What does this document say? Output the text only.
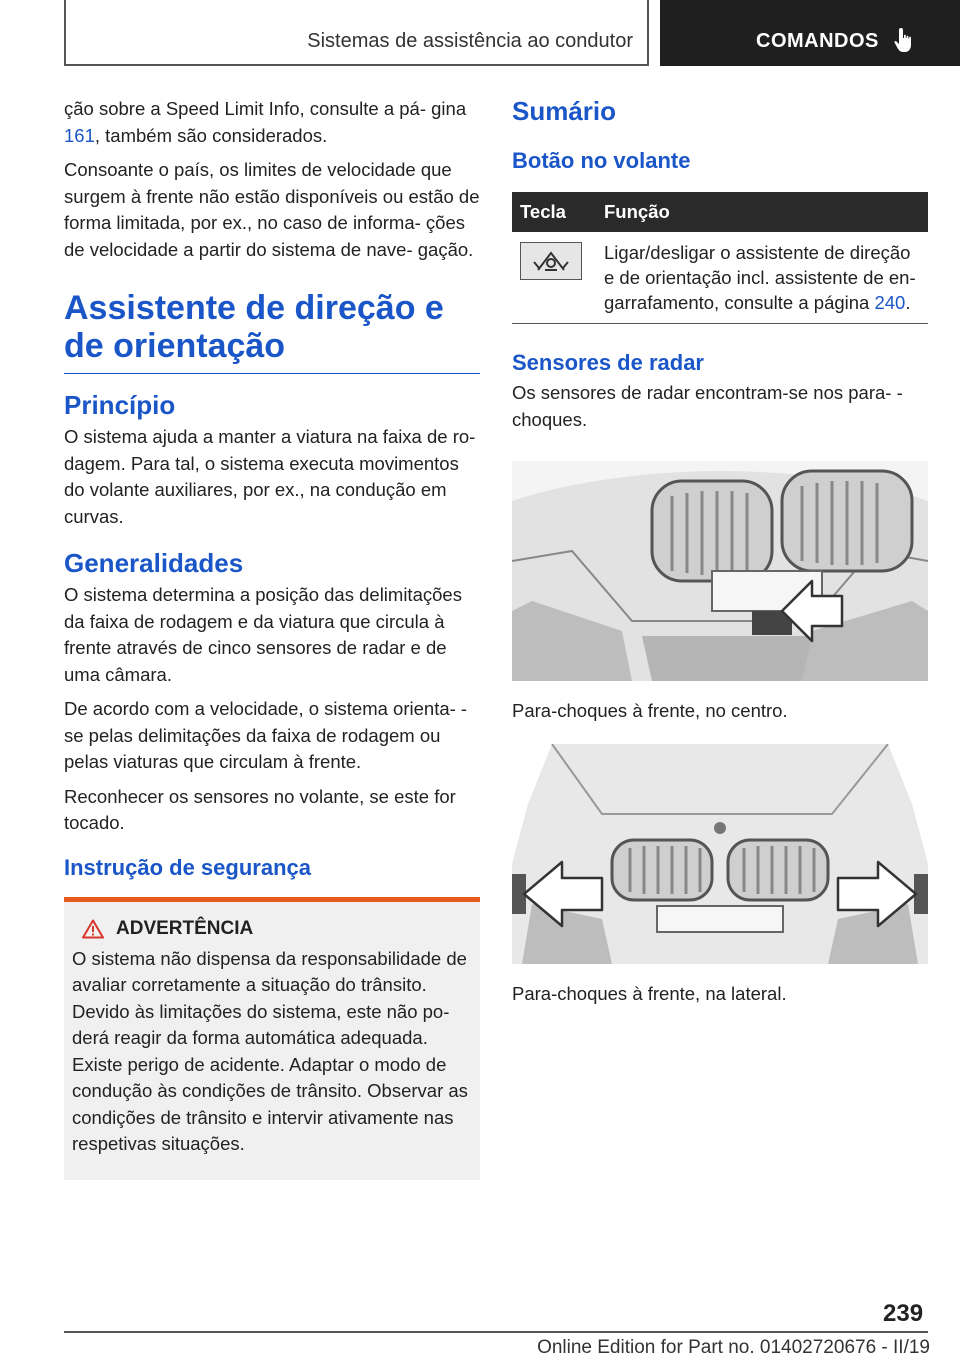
Sistemas de assistência ao condutor	COMANDOS

ção sobre a Speed Limit Info, consulte a pá‐ gina 161, também são considerados.

Consoante o país, os limites de velocidade que surgem à frente não estão disponíveis ou estão de forma limitada, por ex., no caso de informa‐ ções de velocidade a partir do sistema de nave‐ gação.

Assistente de direção e de orientação
Princípio

O sistema ajuda a manter a viatura na faixa de ro‐ dagem. Para tal, o sistema executa movimentos do volante auxiliares, por ex., na condução em curvas.

Generalidades

O sistema determina a posição das delimitações da faixa de rodagem e da viatura que circula à frente através de cinco sensores de radar e de uma câmara.

De acordo com a velocidade, o sistema orienta‐ -se pelas delimitações da faixa de rodagem ou pelas viaturas que circulam à frente.

Reconhecer os sensores no volante, se este for tocado.

Instrução de segurança
ADVERTÊNCIA

O sistema não dispensa da responsabilidade de avaliar corretamente a situação do trânsito. Devido às limitações do sistema, este não po‐ derá reagir da forma automática adequada. Existe perigo de acidente. Adaptar o modo de condução às condições de trânsito. Observar as condições de trânsito e intervir ativamente nas respetivas situações.

Sumário
Botão no volante
Tecla	Função

	Ligar/desligar o assistente de direção e de orientação incl. assistente de en‐ garrafamento, consulte a página 240.
Sensores de radar

Os sensores de radar encontram-se nos para‐ -choques.

Para-choques à frente, no centro.

Para-choques à frente, na lateral.

239
Online Edition for Part no. 01402720676 - II/19
